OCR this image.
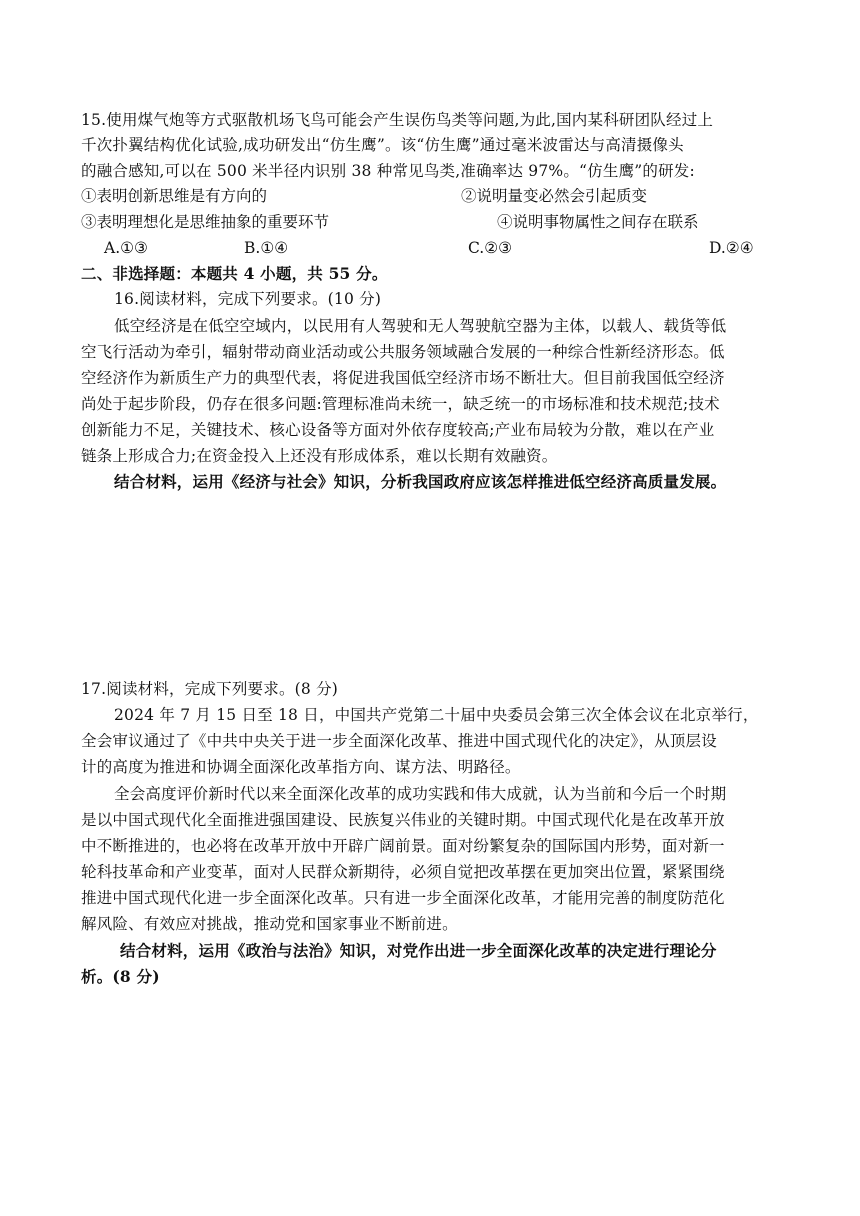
15.使用煤气炮等方式驱散机场飞鸟可能会产生误伤鸟类等问题,为此,国内某科研团队经过上
千次扑翼结构优化试验,成功研发出“仿生鹰”。该“仿生鹰”通过毫米波雷达与高清摄像头
的融合感知,可以在 500 米半径内识别 38 种常见鸟类,准确率达 97%。“仿生鹰”的研发:
①表明创新思维是有方向的	②说明量变必然会引起质变
③表明理想化是思维抽象的重要环节	④说明事物属性之间存在联系
A.①③	B.①④	C.②③	D.②④
二、非选择题：本题共 4 小题，共 55 分。
16.阅读材料，完成下列要求。(10 分)
低空经济是在低空空域内，以民用有人驾驶和无人驾驶航空器为主体，以载人、载货等低
空飞行活动为牵引，辐射带动商业活动或公共服务领域融合发展的一种综合性新经济形态。低
空经济作为新质生产力的典型代表，将促进我国低空经济市场不断壮大。但目前我国低空经济
尚处于起步阶段，仍存在很多问题:管理标准尚未统一，缺乏统一的市场标准和技术规范;技术
创新能力不足，关键技术、核心设备等方面对外依存度较高;产业布局较为分散，难以在产业
链条上形成合力;在资金投入上还没有形成体系，难以长期有效融资。
结合材料，运用《经济与社会》知识，分析我国政府应该怎样推进低空经济高质量发展。
17.阅读材料，完成下列要求。(8 分)
2024 年 7 月 15 日至 18 日，中国共产党第二十届中央委员会第三次全体会议在北京举行，
全会审议通过了《中共中央关于进一步全面深化改革、推进中国式现代化的决定》，从顶层设
计的高度为推进和协调全面深化改革指方向、谋方法、明路径。
全会高度评价新时代以来全面深化改革的成功实践和伟大成就，认为当前和今后一个时期
是以中国式现代化全面推进强国建设、民族复兴伟业的关键时期。中国式现代化是在改革开放
中不断推进的，也必将在改革开放中开辟广阔前景。面对纷繁复杂的国际国内形势，面对新一
轮科技革命和产业变革，面对人民群众新期待，必须自觉把改革摆在更加突出位置，紧紧围绕
推进中国式现代化进一步全面深化改革。只有进一步全面深化改革，才能用完善的制度防范化
解风险、有效应对挑战，推动党和国家事业不断前进。
结合材料，运用《政治与法治》知识，对党作出进一步全面深化改革的决定进行理论分
析。(8 分)
